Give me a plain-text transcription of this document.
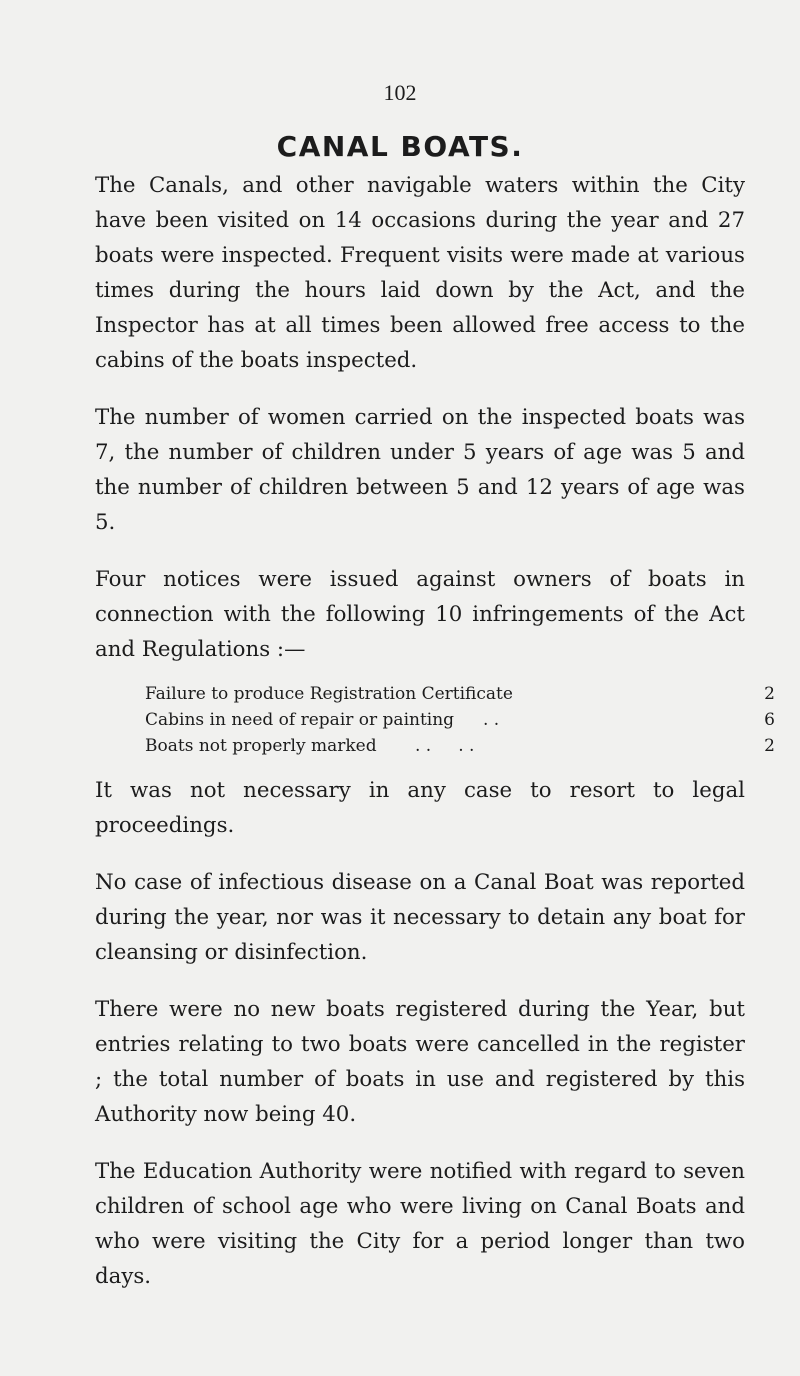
102
CANAL BOATS.

The Canals, and other navigable waters within the City have been visited on 14 occasions during the year and 27 boats were inspected. Frequent visits were made at various times during the hours laid down by the Act, and the Inspector has at all times been allowed free access to the cabins of the boats inspected.

The number of women carried on the inspected boats was 7, the number of children under 5 years of age was 5 and the number of children between 5 and 12 years of age was 5.

Four notices were issued against owners of boats in connection with the following 10 infringements of the Act and Regulations :—

Failure to produce Registration Certificate	2
Cabins in need of repair or painting . .	6
Boats not properly marked . .     . .	2

It was not necessary in any case to resort to legal proceedings.

No case of infectious disease on a Canal Boat was reported during the year, nor was it necessary to detain any boat for cleansing or disinfection.

There were no new boats registered during the Year, but entries relating to two boats were cancelled in the register ; the total number of boats in use and registered by this Authority now being 40.

The Education Authority were notified with regard to seven children of school age who were living on Canal Boats and who were visiting the City for a period longer than two days.
